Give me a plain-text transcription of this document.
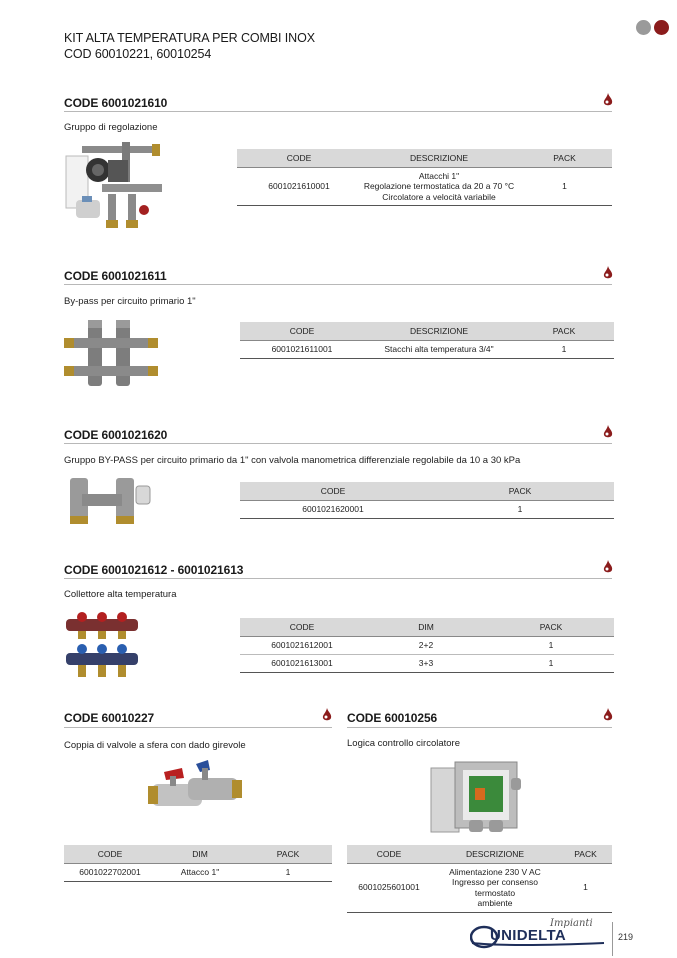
KIT ALTA TEMPERATURA PER COMBI INOX
COD 60010221, 60010254
CODE 6001021610
Gruppo di regolazione
CODE	DESCRIZIONE	PACK
6001021610001	Attacchi 1"
Regolazione termostatica da 20 a 70 °C
Circolatore a velocità variabile	1
CODE 6001021611
By-pass per circuito primario 1"
CODE	DESCRIZIONE	PACK
6001021611001	Stacchi alta temperatura 3/4"	1
CODE 6001021620
Gruppo BY-PASS per circuito primario da 1" con valvola manometrica differenziale regolabile da 10 a 30 kPa
CODE	PACK
6001021620001	1
CODE 6001021612 - 6001021613
Collettore alta temperatura
CODE	DIM	PACK
6001021612001	2+2	1
6001021613001	3+3	1
CODE 60010227
Coppia di valvole a sfera con dado girevole
CODE	DIM	PACK
6001022702001	Attacco 1"	1
CODE 60010256
Logica controllo circolatore
CODE	DESCRIZIONE	PACK
6001025601001	Alimentazione 230 V AC
Ingresso per consenso termostato
ambiente	1
Impianti
UNIDELTA	219
